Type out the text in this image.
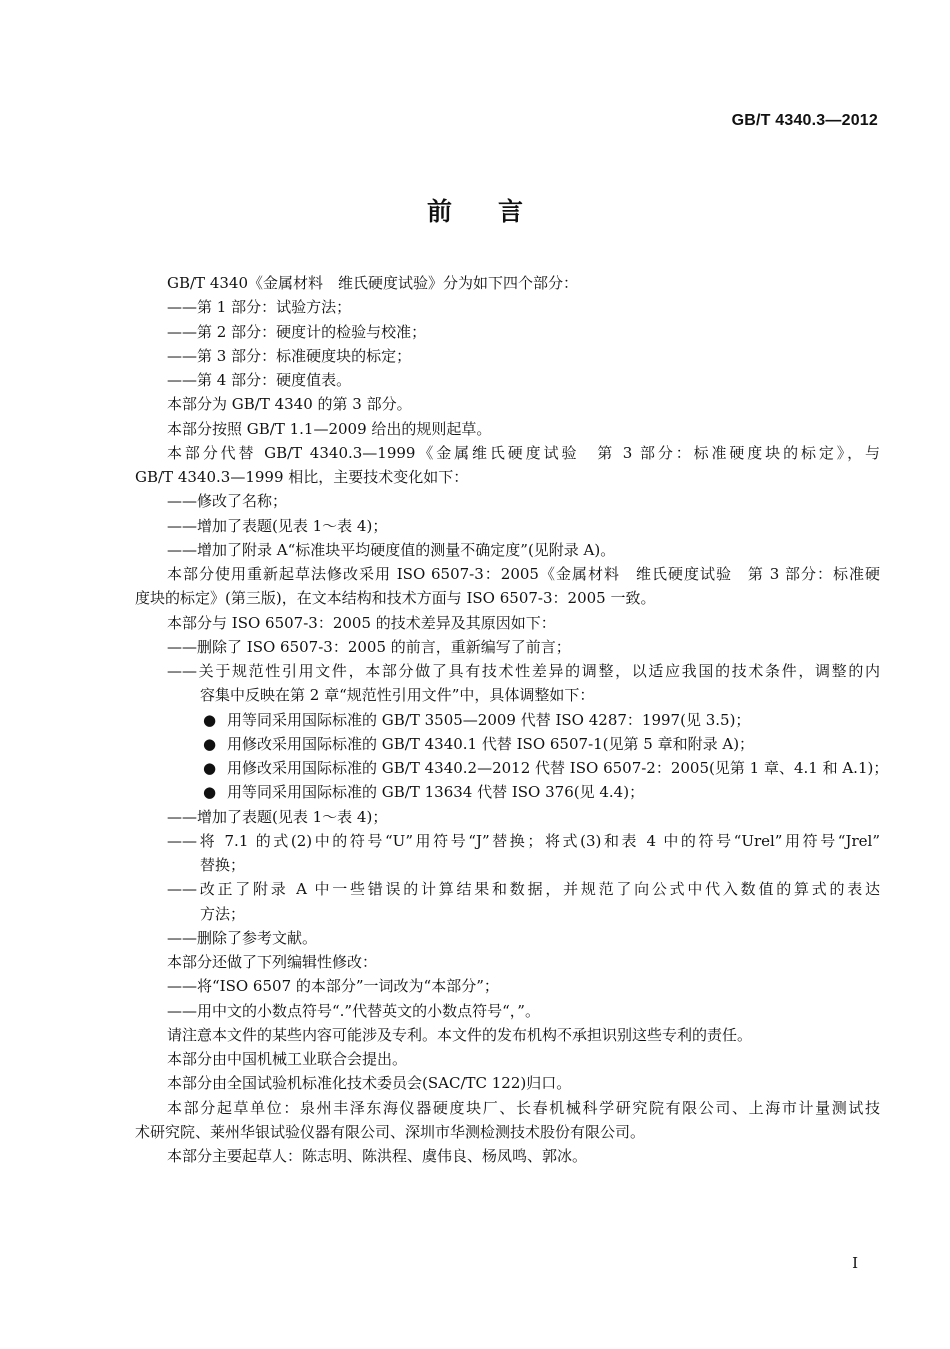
GB/T 4340.3—2012
前言
GB/T 4340《金属材料　维氏硬度试验》分为如下四个部分：
——第 1 部分：试验方法；
——第 2 部分：硬度计的检验与校准；
——第 3 部分：标准硬度块的标定；
——第 4 部分：硬度值表。
本部分为 GB/T 4340 的第 3 部分。
本部分按照 GB/T 1.1—2009 给出的规则起草。
本部分代替 GB/T 4340.3—1999《金属维氏硬度试验　第 3 部分：标准硬度块的标定》，与
GB/T 4340.3—1999 相比，主要技术变化如下：
——修改了名称；
——增加了表题(见表 1～表 4)；
——增加了附录 A“标准块平均硬度值的测量不确定度”(见附录 A)。
本部分使用重新起草法修改采用 ISO 6507-3：2005《金属材料　维氏硬度试验　第 3 部分：标准硬
度块的标定》(第三版)，在文本结构和技术方面与 ISO 6507-3：2005 一致。
本部分与 ISO 6507-3：2005 的技术差异及其原因如下：
——删除了 ISO 6507-3：2005 的前言，重新编写了前言；
——关于规范性引用文件，本部分做了具有技术性差异的调整，以适应我国的技术条件，调整的内
容集中反映在第 2 章“规范性引用文件”中，具体调整如下：
● 用等同采用国际标准的 GB/T 3505—2009 代替 ISO 4287：1997(见 3.5)；
● 用修改采用国际标准的 GB/T 4340.1 代替 ISO 6507-1(见第 5 章和附录 A)；
● 用修改采用国际标准的 GB/T 4340.2—2012 代替 ISO 6507-2：2005(见第 1 章、4.1 和 A.1)；
● 用等同采用国际标准的 GB/T 13634 代替 ISO 376(见 4.4)；
——增加了表题(见表 1～表 4)；
——将 7.1 的式(2)中的符号“U”用符号“J”替换；将式(3)和表 4 中的符号“Urel”用符号“Jrel”
替换；
——改正了附录 A 中一些错误的计算结果和数据，并规范了向公式中代入数值的算式的表达
方法；
——删除了参考文献。
本部分还做了下列编辑性修改：
——将“ISO 6507 的本部分”一词改为“本部分”；
——用中文的小数点符号“.”代替英文的小数点符号“，”。
请注意本文件的某些内容可能涉及专利。本文件的发布机构不承担识别这些专利的责任。
本部分由中国机械工业联合会提出。
本部分由全国试验机标准化技术委员会(SAC/TC 122)归口。
本部分起草单位：泉州丰泽东海仪器硬度块厂、长春机械科学研究院有限公司、上海市计量测试技
术研究院、莱州华银试验仪器有限公司、深圳市华测检测技术股份有限公司。
本部分主要起草人：陈志明、陈洪程、虞伟良、杨凤鸣、郭冰。
I
